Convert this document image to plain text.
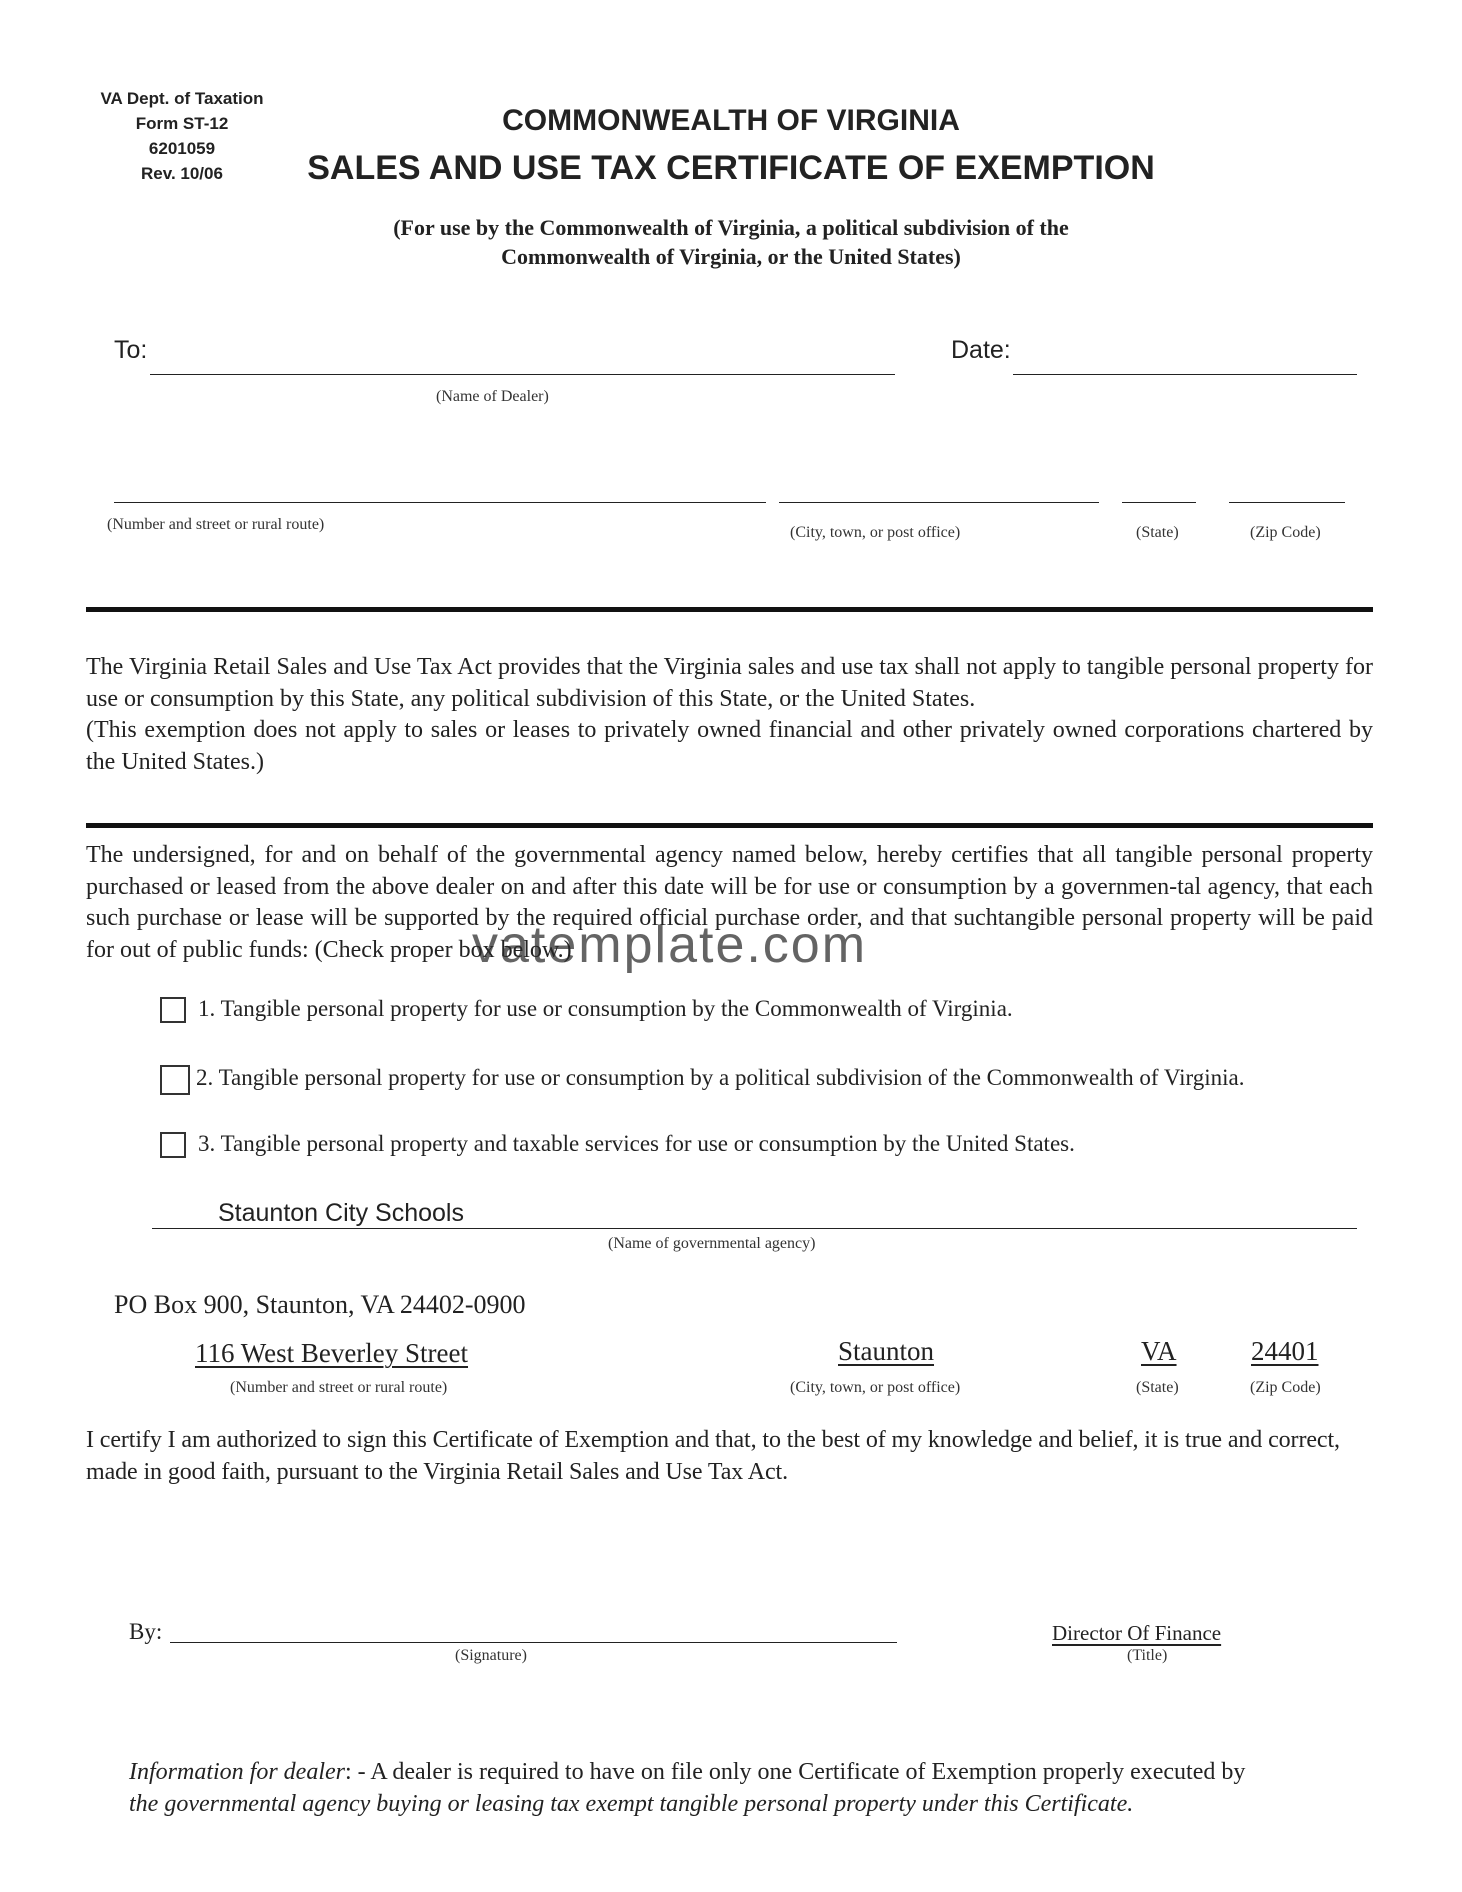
VA Dept. of Taxation
Form ST-12
6201059
Rev. 10/06
COMMONWEALTH OF VIRGINIA
SALES AND USE TAX CERTIFICATE OF EXEMPTION
(For use by the Commonwealth of Virginia, a political subdivision of the
Commonwealth of Virginia, or the United States)
To:
(Name of Dealer)
Date:
(Number and street or rural route)	(City, town, or post office)	(State)	(Zip Code)
The Virginia Retail Sales and Use Tax Act provides that the Virginia sales and use tax shall not apply to tangible personal property for use or consumption by this State, any political subdivision of this State, or the United States.
(This exemption does not apply to sales or leases to privately owned financial and other privately owned corporations chartered by the United States.)
The undersigned, for and on behalf of the governmental agency named below, hereby certifies that all tangible personal property purchased or leased from the above dealer on and after this date will be for use or consumption by a governmen-tal agency, that each such purchase or lease will be supported by the required official purchase order, and that suchtangible personal property will be paid for out of public funds: (Check proper box below.)
vatemplate.com
1. Tangible personal property for use or consumption by the Commonwealth of Virginia.
2. Tangible personal property for use or consumption by a political subdivision of the Commonwealth of Virginia.
3. Tangible personal property and taxable services for use or consumption by the United States.
Staunton City Schools
(Name of governmental agency)
PO Box 900, Staunton, VA 24402-0900
116 West Beverley Street	Staunton	VA	24401
(Number and street or rural route)	(City, town, or post office)	(State)	(Zip Code)
I certify I am authorized to sign this Certificate of Exemption and that, to the best of my knowledge and belief, it is true and correct, made in good faith, pursuant to the Virginia Retail Sales and Use Tax Act.
By:
(Signature)
Director Of Finance
(Title)
Information for dealer: - A dealer is required to have on file only one Certificate of Exemption properly executed by
the governmental agency buying or leasing tax exempt tangible personal property under this Certificate.
